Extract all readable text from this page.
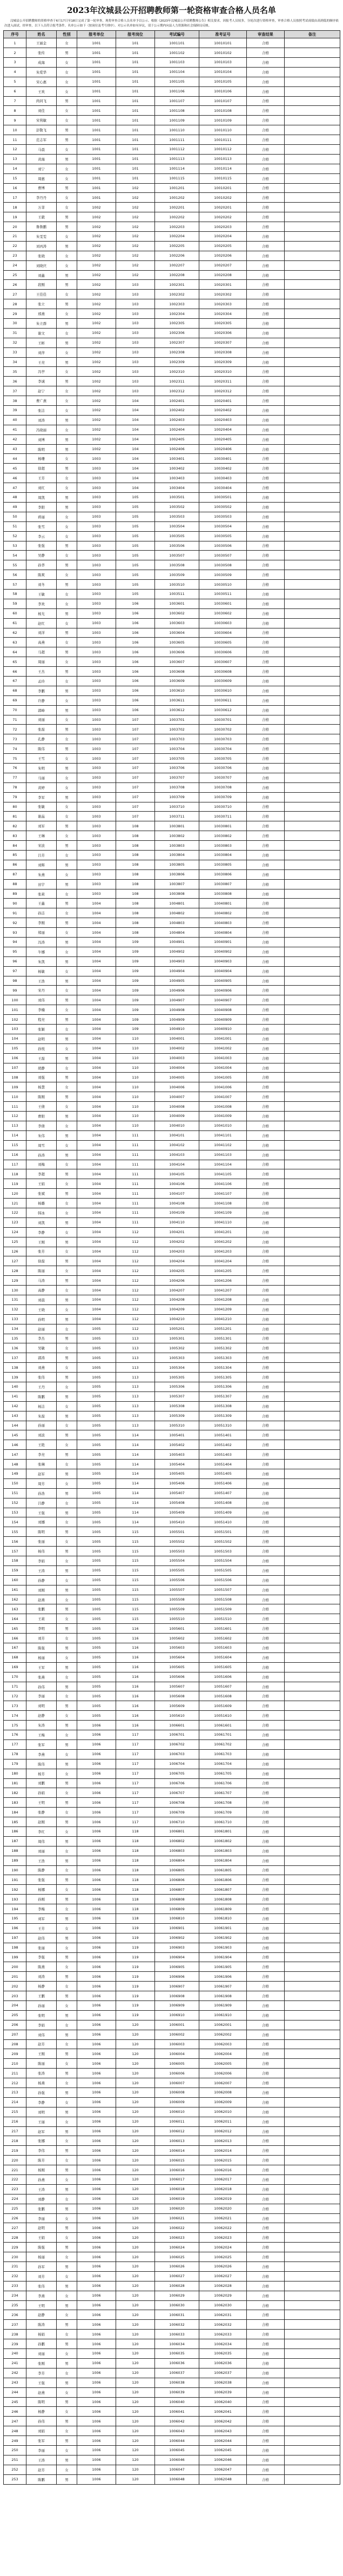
2023年汶城县公开招聘教师第一轮资格审查合格人员名单

汶城县公开招聘教师的资格审查于6月17日至18日完成了第一轮审查，现将审查合格人员名单予以公示。根据《2023年汶城县公开招聘教师公告》相关要求，因报考人员较多，分轮次进行资格审查，审查合格人员按照考试成绩由高到低的顺序依次进入面试。经审查，以下人员符合报考条件，名单公示如下（按岗位及考号排序）。对公示名单如有异议，请于公示期内向县人力资源和社会保障局反映。

序号	姓名	性别	报考单位	报考岗位	考试编号	准考证号	审查结果	备注
1	王丽金	女	1001	101	1001101	10010101	合格	
2	张传	男	1001	101	1001102	10010102	合格	
3	成海	女	1001	101	1001103	10010103	合格	
4	朱爱华	女	1001	101	1001104	10010104	合格	
5	宋心惠	女	1001	101	1001105	10010105	合格	
6	王欢	女	1001	101	1001106	10010106	合格	
7	尚同飞	男	1001	101	1001107	10010107	合格	
8	刘佳	女	1001	101	1001108	10010108	合格	
9	宋利敏	女	1001	101	1001109	10010109	合格	
10	彭敬飞	男	1001	101	1001110	10010110	合格	
11	范志军	男	1001	101	1001111	10010111	合格	
12	马晨	女	1001	101	1001112	10010112	合格	
13	黄海	男	1001	101	1001113	10010113	合格	
14	刘宁	女	1001	101	1001114	10010114	合格	
15	周惠	女	1001	101	1001115	10010115	合格	
16	曹博	男	1001	102	1001201	10010201	合格	
17	李丹丹	女	1001	102	1001202	10010202	合格	
18	万菲	女	1002	102	1002201	10020201	合格	
19	王毅	男	1002	102	1002202	10020202	合格	
20	鲁鲁鹏	男	1002	102	1002203	10020203	合格	
21	朱雯雯	女	1002	102	1002204	10020204	合格	
22	刘丙涛	男	1002	102	1002205	10020205	合格	
23	张晓	女	1002	102	1002206	10020206	合格	
24	刘晓庆	女	1002	102	1002207	10020207	合格	
25	刘鑫	男	1002	102	1002208	10020208	合格	
26	段刚	男	1002	103	1002301	10020301	合格	
27	王佳佳	女	1002	103	1002302	10020302	合格	
28	张立	男	1002	103	1002303	10020303	合格	
29	邢燕	女	1002	103	1002304	10020304	合格	
30	朱立群	男	1002	103	1002305	10020305	合格	
31	谢文	女	1002	103	1002306	10020306	合格	
32	王彬	男	1002	103	1002307	10020307	合格	
33	刘萍	女	1002	103	1002308	10020308	合格	
34	王亮	男	1002	103	1002309	10020309	合格	
35	冯亭	女	1002	103	1002310	10020310	合格	
36	李诚	男	1002	103	1002311	10020311	合格	
37	赵宁	女	1002	103	1002312	10020312	合格	
38	曹广燕	女	1002	104	1002401	10020401	合格	
39	张洁	女	1002	104	1002402	10020402	合格	
40	刘涛	男	1002	104	1002403	10020403	合格	
41	冯晓丽	女	1002	104	1002404	10020404	合格	
42	刘博	男	1002	104	1002405	10020405	合格	
43	陈明	男	1002	104	1002406	10020406	合格	
44	杨珊	女	1003	104	1003401	10030401	合格	
45	徐超	男	1003	104	1003402	10030402	合格	
46	王芳	女	1003	104	1003403	10030403	合格	
47	刘红	女	1003	104	1003404	10030404	合格	
48	周凯	男	1003	105	1003501	10030501	合格	
49	李阳	男	1003	105	1003502	10030502	合格	
50	蒋丽	女	1003	105	1003503	10030503	合格	
51	张雪	女	1003	105	1003504	10030504	合格	
52	李云	女	1003	105	1003505	10030505	合格	
53	张强	男	1003	105	1003506	10030506	合格	
54	吴静	女	1003	105	1003507	10030507	合格	
55	孙华	男	1003	105	1003508	10030508	合格	
56	陈爽	女	1003	105	1003509	10030509	合格	
57	刘冬	男	1003	105	1003510	10030510	合格	
58	王敏	女	1003	105	1003511	10030511	合格	
59	李欢	女	1003	106	1003601	10030601	合格	
60	杨光	男	1003	106	1003602	10030602	合格	
61	赵红	女	1003	106	1003603	10030603	合格	
62	刘洋	男	1003	106	1003604	10030604	合格	
63	高燕	女	1003	106	1003605	10030605	合格	
64	马超	男	1003	106	1003606	10030606	合格	
65	周丽	女	1003	106	1003607	10030607	合格	
66	王杰	男	1003	106	1003608	10030608	合格	
67	孟玲	女	1003	106	1003609	10030609	合格	
68	李鹏	男	1003	106	1003610	10030610	合格	
69	许静	女	1003	106	1003611	10030611	合格	
70	郭峰	男	1003	106	1003612	10030612	合格	
71	刘丽	女	1003	107	1003701	10030701	合格	
72	张磊	男	1003	107	1003702	10030702	合格	
73	孔静	女	1003	107	1003703	10030703	合格	
74	陈伟	男	1003	107	1003704	10030704	合格	
75	王雪	女	1003	107	1003705	10030705	合格	
76	朱明	男	1003	107	1003706	10030706	合格	
77	马丽	女	1003	107	1003707	10030707	合格	
78	黄婷	女	1003	107	1003708	10030708	合格	
79	李军	男	1003	107	1003709	10030709	合格	
80	张敏	女	1003	107	1003710	10030710	合格	
81	谢晶	女	1003	107	1003711	10030711	合格	
82	刘军	男	1003	108	1003801	10030801	合格	
83	王琳	女	1003	108	1003802	10030802	合格	
84	宋波	男	1003	108	1003803	10030803	合格	
85	吕芳	女	1003	108	1003804	10030804	合格	
86	刘辉	男	1003	108	1003805	10030805	合格	
87	朱燕	女	1003	108	1003806	10030806	合格	
88	田宇	男	1003	108	1003807	10030807	合格	
89	张莉	女	1003	108	1003808	10030808	合格	
90	王鑫	男	1004	108	1004801	10040801	合格	
91	孙洁	女	1004	108	1004802	10040802	合格	
92	李刚	男	1004	108	1004803	10040803	合格	
93	郑丽	女	1004	108	1004804	10040804	合格	
94	冯涛	男	1004	109	1004901	10040901	合格	
95	牛娜	女	1004	109	1004902	10040902	合格	
96	朱凯	男	1004	109	1004903	10040903	合格	
97	杨敏	女	1004	109	1004904	10040904	合格	
98	王浩	男	1004	109	1004905	10040905	合格	
99	宋丹	女	1004	109	1004906	10040906	合格	
100	刘伟	男	1004	109	1004907	10040907	合格	
101	李楠	女	1004	109	1004908	10040908	合格	
102	程亮	男	1004	109	1004909	10040909	合格	
103	张颖	女	1004	109	1004910	10040910	合格	
104	赵明	男	1004	110	1004001	10041001	合格	
105	孙悦	女	1004	110	1004002	10041002	合格	
106	王磊	男	1004	110	1004003	10041003	合格	
107	胡静	女	1004	110	1004004	10041004	合格	
108	刘强	男	1004	110	1004005	10041005	合格	
109	杨慧	女	1004	110	1004006	10041006	合格	
110	陈刚	男	1004	110	1004007	10041007	合格	
111	王倩	女	1004	110	1004008	10041008	合格	
112	曹阳	男	1004	110	1004009	10041009	合格	
113	李倩	女	1004	110	1004010	10041010	合格	
114	朱伟	男	1004	111	1004101	10041101	合格	
115	周雪	女	1004	111	1004102	10041102	合格	
116	孙涛	男	1004	111	1004103	10041103	合格	
117	刘梅	女	1004	111	1004104	10041104	合格	
118	李超	男	1004	111	1004105	10041105	合格	
119	王娟	女	1004	111	1004106	10041106	合格	
120	张斌	男	1004	111	1004107	10041107	合格	
121	杨璐	女	1004	111	1004108	10041108	合格	
122	韩冰	女	1004	111	1004109	10041109	合格	
123	刘凯	男	1004	111	1004110	10041110	合格	
124	李静	女	1004	112	1004201	10041201	合格	
125	王刚	男	1004	112	1004202	10041202	合格	
126	张芳	女	1004	112	1004203	10041203	合格	
127	徐磊	男	1004	112	1004204	10041204	合格	
128	陈丽	女	1004	112	1004205	10041205	合格	
129	马涛	男	1004	112	1004206	10041206	合格	
130	高静	女	1004	112	1004207	10041207	合格	
131	刘晨	男	1004	112	1004208	10041208	合格	
132	王晓	女	1004	112	1004209	10041209	合格	
133	孙明	男	1004	112	1004210	10041210	合格	
134	赵丽	女	1005	112	1005201	10051201	合格	
135	李杰	男	1005	113	1005301	10051301	合格	
136	吴敏	女	1005	113	1005302	10051302	合格	
137	郭涛	男	1005	113	1005303	10051303	合格	
138	刘燕	女	1005	113	1005304	10051304	合格	
139	张伟	男	1005	113	1005305	10051305	合格	
140	王丹	女	1005	113	1005306	10051306	合格	
141	陈鹏	男	1005	113	1005307	10051307	合格	
142	杨洁	女	1005	113	1005308	10051308	合格	
143	朱磊	男	1005	113	1005309	10051309	合格	
144	孙丽	女	1005	113	1005310	10051310	合格	
145	刘波	男	1005	114	1005401	10051401	合格	
146	王艳	女	1005	114	1005402	10051402	合格	
147	李亮	男	1005	114	1005403	10051403	合格	
148	张琳	女	1005	114	1005404	10051404	合格	
149	赵军	男	1005	114	1005405	10051405	合格	
150	周芳	女	1005	114	1005406	10051406	合格	
151	孙浩	男	1005	114	1005407	10051407	合格	
152	吕静	女	1005	114	1005408	10051408	合格	
153	王强	男	1005	114	1005409	10051409	合格	
154	刘娜	女	1005	114	1005410	10051410	合格	
155	陈明	男	1005	115	1005501	10051501	合格	
156	张丽	女	1005	115	1005502	10051502	合格	
157	杨伟	男	1005	115	1005503	10051503	合格	
158	李娟	女	1005	115	1005504	10051504	合格	
159	王涛	男	1005	115	1005505	10051505	合格	
160	孙静	女	1005	115	1005506	10051506	合格	
161	刘刚	男	1005	115	1005507	10051507	合格	
162	赵燕	女	1005	115	1005508	10051508	合格	
163	张鹏	男	1005	115	1005509	10051509	合格	
164	王莉	女	1005	115	1005510	10051510	合格	
165	李明	男	1005	116	1005601	10051601	合格	
166	刘芳	女	1005	116	1005602	10051602	合格	
167	陈强	男	1005	116	1005603	10051603	合格	
168	杨丽	女	1005	116	1005604	10051604	合格	
169	王军	男	1005	116	1005605	10051605	合格	
170	张燕	女	1005	116	1005606	10051606	合格	
171	孙伟	男	1005	116	1005607	10051607	合格	
172	李丽	女	1005	116	1005608	10051608	合格	
173	刘明	男	1005	116	1005609	10051609	合格	
174	赵静	女	1005	116	1005610	10051610	合格	
175	朱涛	男	1006	116	1006601	10061601	合格	
176	王梅	女	1006	117	1006701	10061701	合格	
177	张军	男	1006	117	1006702	10061702	合格	
178	李燕	女	1006	117	1006703	10061703	合格	
179	陈伟	男	1006	117	1006704	10061704	合格	
180	杨芳	女	1006	117	1006705	10061705	合格	
181	刘鹏	男	1006	117	1006706	10061706	合格	
182	孙娟	女	1006	117	1006707	10061707	合格	
183	王明	男	1006	117	1006708	10061708	合格	
184	张静	女	1006	117	1006709	10061709	合格	
185	赵刚	男	1006	117	1006710	10061710	合格	
186	李红	女	1006	118	1006801	10061801	合格	
187	周伟	男	1006	118	1006802	10061802	合格	
188	刘丽	女	1006	118	1006803	10061803	合格	
189	王浩	男	1006	118	1006804	10061804	合格	
190	陈静	女	1006	118	1006805	10061805	合格	
191	张强	男	1006	118	1006806	10061806	合格	
192	杨娜	女	1006	118	1006807	10061807	合格	
193	孙刚	男	1006	118	1006808	10061808	合格	
194	李梅	女	1006	118	1006809	10061809	合格	
195	刘军	男	1006	118	1006810	10061810	合格	
196	王芳	女	1006	119	1006901	10061901	合格	
197	赵伟	男	1006	119	1006902	10061902	合格	
198	张丽	女	1006	119	1006903	10061903	合格	
199	李强	男	1006	119	1006904	10061904	合格	
200	陈燕	女	1006	119	1006905	10061905	合格	
201	刘涛	男	1006	119	1006906	10061906	合格	
202	杨静	女	1006	119	1006907	10061907	合格	
203	王鹏	男	1006	119	1006908	10061908	合格	
204	孙丽	女	1006	119	1006909	10061909	合格	
205	张明	男	1006	119	1006910	10061910	合格	
206	李娟	女	1006	120	1006001	10062001	合格	
207	刘伟	男	1006	120	1006002	10062002	合格	
208	赵芳	女	1006	120	1006003	10062003	合格	
209	王刚	男	1006	120	1006004	10062004	合格	
210	陈丽	女	1006	120	1006005	10062005	合格	
211	张涛	男	1006	120	1006006	10062006	合格	
212	杨燕	女	1006	120	1006007	10062007	合格	
213	孙强	男	1006	120	1006008	10062008	合格	
214	李静	女	1006	120	1006009	10062009	合格	
215	刘明	男	1006	120	1006010	10062010	合格	
216	王丽	女	1006	120	1006011	10062011	合格	
217	赵军	男	1006	120	1006012	10062012	合格	
218	张娜	女	1006	120	1006013	10062013	合格	
219	李伟	男	1006	120	1006014	10062014	合格	
220	陈芳	女	1006	120	1006015	10062015	合格	
221	杨刚	男	1006	120	1006016	10062016	合格	
222	孙燕	女	1006	120	1006017	10062017	合格	
223	王涛	男	1006	120	1006018	10062018	合格	
224	刘静	女	1006	120	1006019	10062019	合格	
225	张鹏	男	1006	120	1006020	10062020	合格	
226	李丽	女	1006	120	1006021	10062021	合格	
227	赵明	男	1006	120	1006022	10062022	合格	
228	王娟	女	1006	120	1006023	10062023	合格	
229	陈强	男	1006	120	1006024	10062024	合格	
230	杨丽	女	1006	120	1006025	10062025	合格	
231	孙军	男	1006	120	1006026	10062026	合格	
232	刘芳	女	1006	120	1006027	10062027	合格	
233	张伟	男	1006	120	1006028	10062028	合格	
234	李燕	女	1006	120	1006029	10062029	合格	
235	王明	男	1006	120	1006030	10062030	合格	
236	赵静	女	1006	120	1006031	10062031	合格	
237	陈涛	男	1006	120	1006032	10062032	合格	
238	杨娟	女	1006	120	1006033	10062033	合格	
239	孙鹏	男	1006	120	1006034	10062034	合格	
240	刘丽	女	1006	120	1006035	10062035	合格	
241	张刚	男	1006	120	1006036	10062036	合格	
242	李芳	女	1006	120	1006037	10062037	合格	
243	王强	男	1006	120	1006038	10062038	合格	
244	赵燕	女	1006	120	1006039	10062039	合格	
245	陈明	男	1006	120	1006040	10062040	合格	
246	杨静	女	1006	120	1006041	10062041	合格	
247	孙伟	男	1006	120	1006042	10062042	合格	
248	刘娟	女	1006	120	1006043	10062043	合格	
249	张军	男	1006	120	1006044	10062044	合格	
250	李丽	女	1006	120	1006045	10062045	合格	
251	王涛	男	1006	120	1006046	10062046	合格	
252	赵芳	女	1006	120	1006047	10062047	合格	
253	陈鹏	男	1006	120	1006048	10062048	合格	
